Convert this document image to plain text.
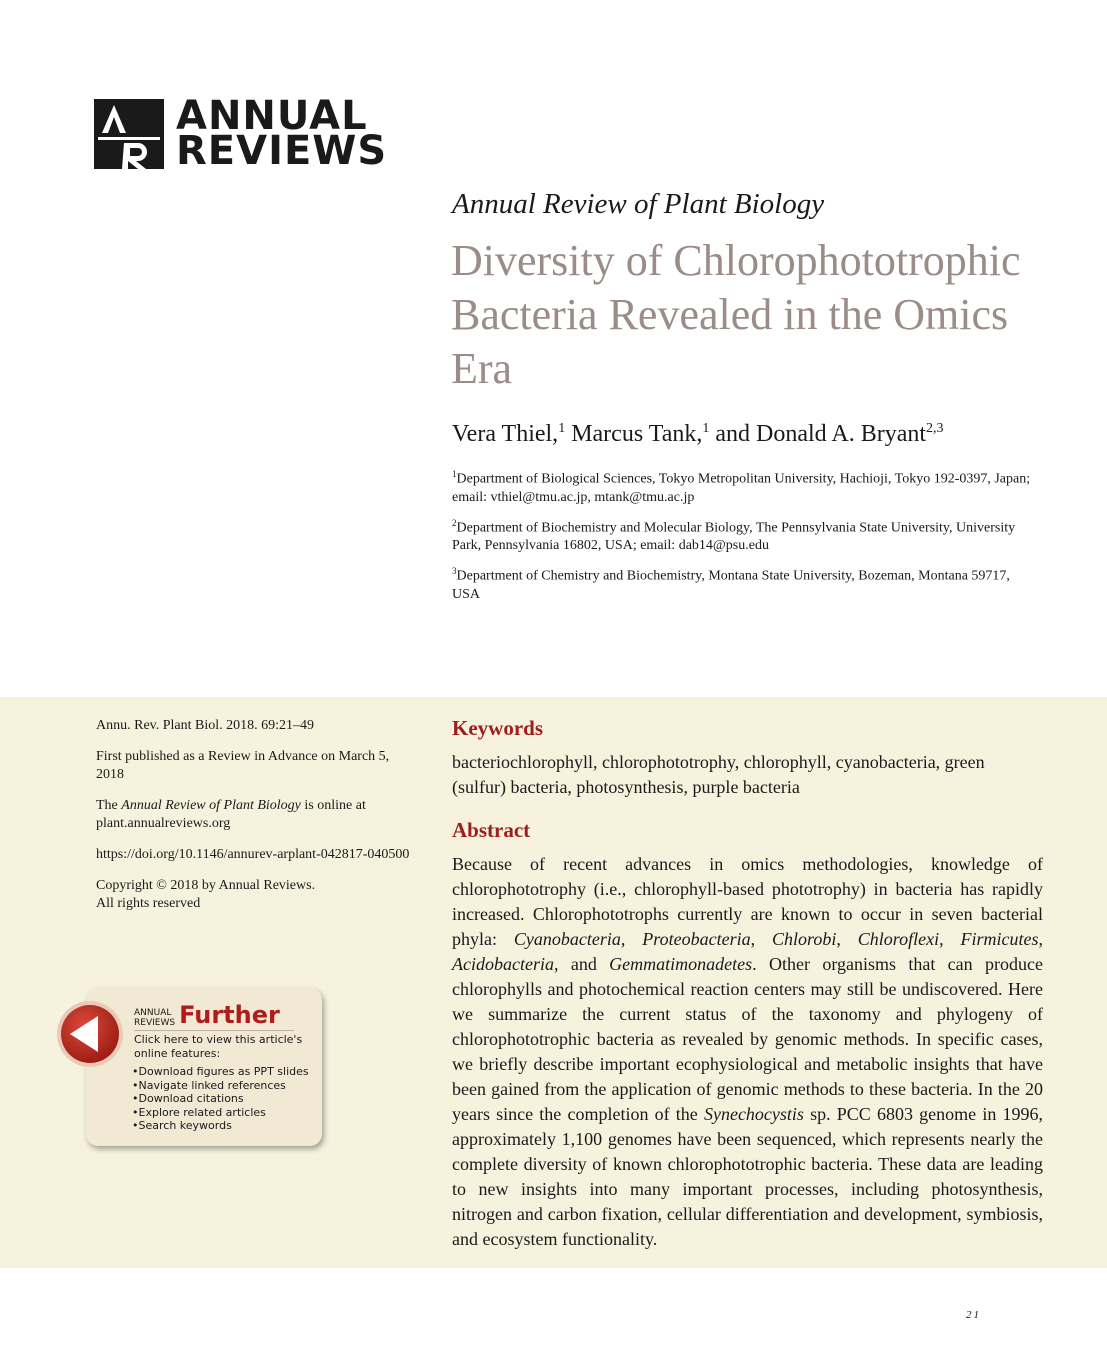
ANNUAL
REVIEWS
Annual Review of Plant Biology
Diversity of Chlorophototrophic Bacteria Revealed in the Omics Era
Vera Thiel,$^1$ Marcus Tank,$^1$ and Donald A. Bryant$^{2,3}$
$^1$Department of Biological Sciences, Tokyo Metropolitan University, Hachioji, Tokyo 192-0397, Japan; email: vthiel@tmu.ac.jp, mtank@tmu.ac.jp
$^2$Department of Biochemistry and Molecular Biology, The Pennsylvania State University, University Park, Pennsylvania 16802, USA; email: dab14@psu.edu
$^3$Department of Chemistry and Biochemistry, Montana State University, Bozeman, Montana 59717, USA

Annu. Rev. Plant Biol. 2018. 69:21–49

First published as a Review in Advance on March 5, 2018

The Annual Review of Plant Biology is online at plant.annualreviews.org

https://doi.org/10.1146/annurev-arplant-042817-040500

Copyright © 2018 by Annual Reviews.
All rights reserved

ANNUAL
REVIEWS Further
Click here to view this article's online features:
• Download figures as PPT slides
• Navigate linked references
• Download citations
• Explore related articles
• Search keywords
Keywords

bacteriochlorophyll, chlorophototrophy, chlorophyll, cyanobacteria, green (sulfur) bacteria, photosynthesis, purple bacteria

Abstract

Because of recent advances in omics methodologies, knowledge of chlorophototrophy (i.e., chlorophyll-based phototrophy) in bacteria has rapidly increased. Chlorophototrophs currently are known to occur in seven bacterial phyla: Cyanobacteria, Proteobacteria, Chlorobi, Chloroflexi, Firmicutes, Acidobacteria, and Gemmatimonadetes. Other organisms that can produce chlorophylls and photochemical reaction centers may still be undiscovered. Here we summarize the current status of the taxonomy and phylogeny of chlorophototrophic bacteria as revealed by genomic methods. In specific cases, we briefly describe important ecophysiological and metabolic insights that have been gained from the application of genomic methods to these bacteria. In the 20 years since the completion of the Synechocystis sp. PCC 6803 genome in 1996, approximately 1,100 genomes have been sequenced, which represents nearly the complete diversity of known chlorophototrophic bacteria. These data are leading to new insights into many important processes, including photosynthesis, nitrogen and carbon fixation, cellular differentiation and development, symbiosis, and ecosystem functionality.

21
